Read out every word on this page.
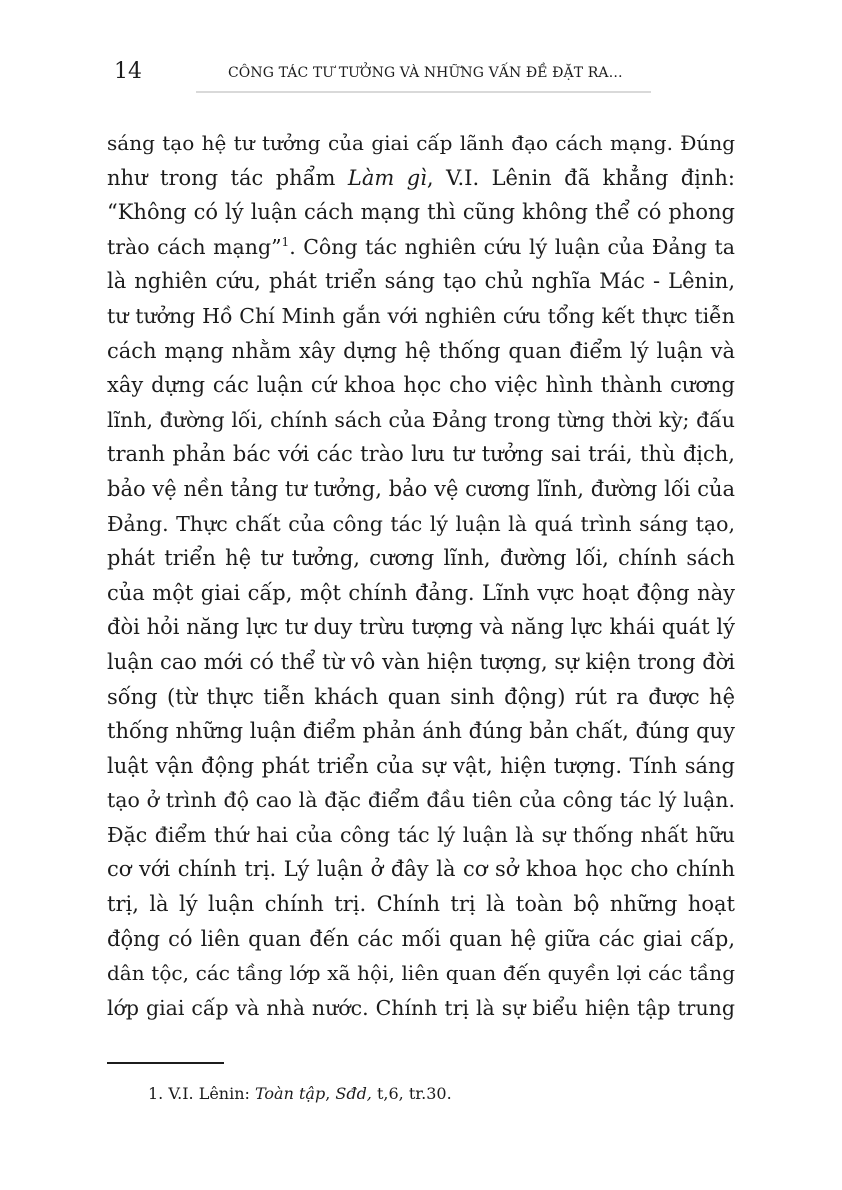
14	CÔNG TÁC TƯ TƯỞNG VÀ NHỮNG VẤN ĐỀ ĐẶT RA…
sáng tạo hệ tư tưởng của giai cấp lãnh đạo cách mạng. Đúng
như trong tác phẩm Làm gì, V.I. Lênin đã khẳng định:
“Không có lý luận cách mạng thì cũng không thể có phong
trào cách mạng”$^1$. Công tác nghiên cứu lý luận của Đảng ta
là nghiên cứu, phát triển sáng tạo chủ nghĩa Mác - Lênin,
tư tưởng Hồ Chí Minh gắn với nghiên cứu tổng kết thực tiễn
cách mạng nhằm xây dựng hệ thống quan điểm lý luận và
xây dựng các luận cứ khoa học cho việc hình thành cương
lĩnh, đường lối, chính sách của Đảng trong từng thời kỳ; đấu
tranh phản bác với các trào lưu tư tưởng sai trái, thù địch,
bảo vệ nền tảng tư tưởng, bảo vệ cương lĩnh, đường lối của
Đảng. Thực chất của công tác lý luận là quá trình sáng tạo,
phát triển hệ tư tưởng, cương lĩnh, đường lối, chính sách
của một giai cấp, một chính đảng. Lĩnh vực hoạt động này
đòi hỏi năng lực tư duy trừu tượng và năng lực khái quát lý
luận cao mới có thể từ vô vàn hiện tượng, sự kiện trong đời
sống (từ thực tiễn khách quan sinh động) rút ra được hệ
thống những luận điểm phản ánh đúng bản chất, đúng quy
luật vận động phát triển của sự vật, hiện tượng. Tính sáng
tạo ở trình độ cao là đặc điểm đầu tiên của công tác lý luận.
Đặc điểm thứ hai của công tác lý luận là sự thống nhất hữu
cơ với chính trị. Lý luận ở đây là cơ sở khoa học cho chính
trị, là lý luận chính trị. Chính trị là toàn bộ những hoạt
động có liên quan đến các mối quan hệ giữa các giai cấp,
dân tộc, các tầng lớp xã hội, liên quan đến quyền lợi các tầng
lớp giai cấp và nhà nước. Chính trị là sự biểu hiện tập trung
1. V.I. Lênin: Toàn tập, Sđd, t,6, tr.30.
